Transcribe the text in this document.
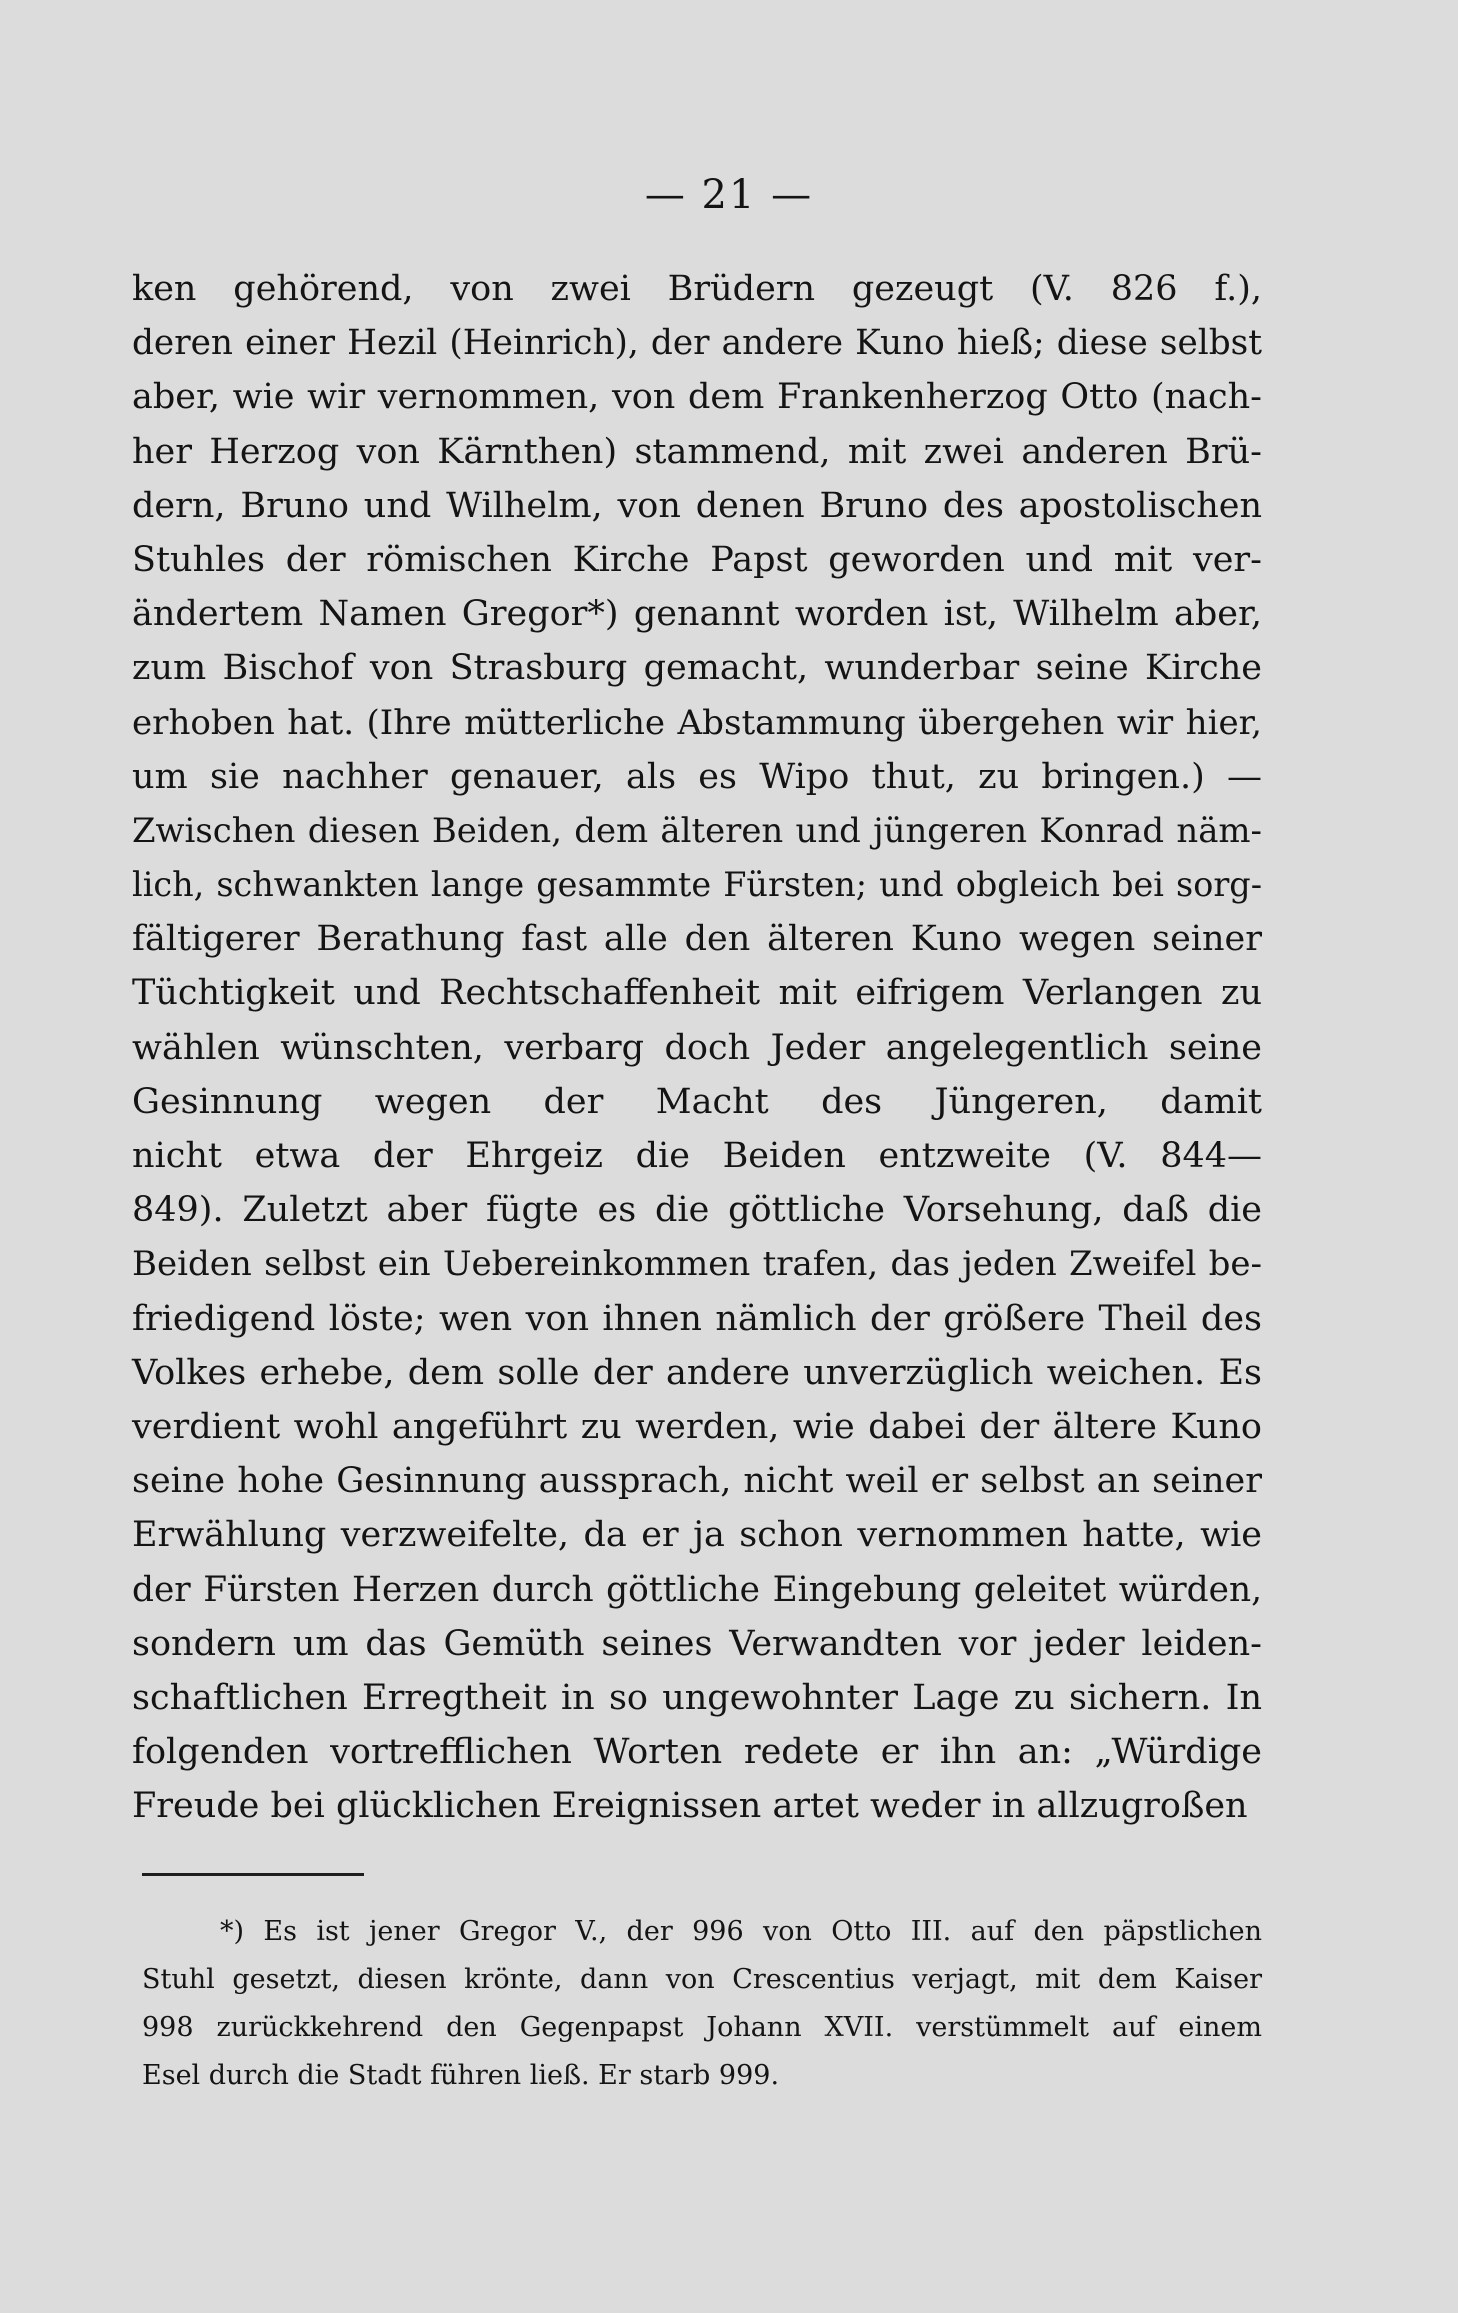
— 21 —
ken gehörend, von zwei Brüdern gezeugt (V. 826 f.),
deren einer Hezil (Heinrich), der andere Kuno hieß; diese selbst
aber, wie wir vernommen, von dem Frankenherzog Otto (nach-
her Herzog von Kärnthen) stammend, mit zwei anderen Brü-
dern, Bruno und Wilhelm, von denen Bruno des apostolischen
Stuhles der römischen Kirche Papst geworden und mit ver-
ändertem Namen Gregor*) genannt worden ist, Wilhelm aber,
zum Bischof von Strasburg gemacht, wunderbar seine Kirche
erhoben hat. (Ihre mütterliche Abstammung übergehen wir hier,
um sie nachher genauer, als es Wipo thut, zu bringen.) —
Zwischen diesen Beiden, dem älteren und jüngeren Konrad näm-
lich, schwankten lange gesammte Fürsten; und obgleich bei sorg-
fältigerer Berathung fast alle den älteren Kuno wegen seiner
Tüchtigkeit und Rechtschaffenheit mit eifrigem Verlangen zu
wählen wünschten, verbarg doch Jeder angelegentlich seine
Gesinnung wegen der Macht des Jüngeren, damit
nicht etwa der Ehrgeiz die Beiden entzweite (V. 844—
849). Zuletzt aber fügte es die göttliche Vorsehung, daß die
Beiden selbst ein Uebereinkommen trafen, das jeden Zweifel be-
friedigend löste; wen von ihnen nämlich der größere Theil des
Volkes erhebe, dem solle der andere unverzüglich weichen. Es
verdient wohl angeführt zu werden, wie dabei der ältere Kuno
seine hohe Gesinnung aussprach, nicht weil er selbst an seiner
Erwählung verzweifelte, da er ja schon vernommen hatte, wie
der Fürsten Herzen durch göttliche Eingebung geleitet würden,
sondern um das Gemüth seines Verwandten vor jeder leiden-
schaftlichen Erregtheit in so ungewohnter Lage zu sichern. In
folgenden vortrefflichen Worten redete er ihn an: „Würdige
Freude bei glücklichen Ereignissen artet weder in allzugroßen
*) Es ist jener Gregor V., der 996 von Otto III. auf den päpstlichen
Stuhl gesetzt, diesen krönte, dann von Crescentius verjagt, mit dem Kaiser
998 zurückkehrend den Gegenpapst Johann XVII. verstümmelt auf einem
Esel durch die Stadt führen ließ. Er starb 999.
